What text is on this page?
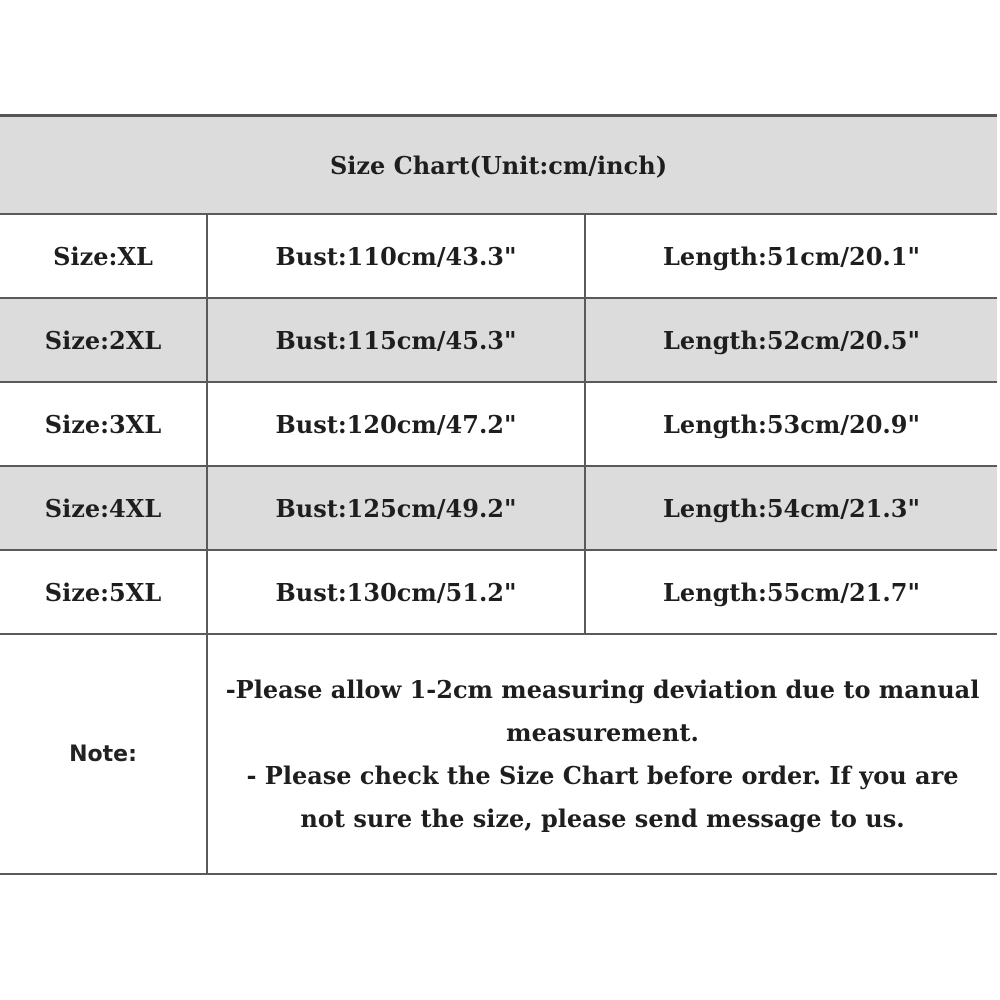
Size Chart(Unit:cm/inch)		
Size:XL	Bust:110cm/43.3"	Length:51cm/20.1"
Size:2XL	Bust:115cm/45.3"	Length:52cm/20.5"
Size:3XL	Bust:120cm/47.2"	Length:53cm/20.9"
Size:4XL	Bust:125cm/49.2"	Length:54cm/21.3"
Size:5XL	Bust:130cm/51.2"	Length:55cm/21.7"
Note:	-Please allow 1-2cm measuring deviation due to manual measurement.
- Please check the Size Chart before order. If you are not sure the size, please send message to us.	
